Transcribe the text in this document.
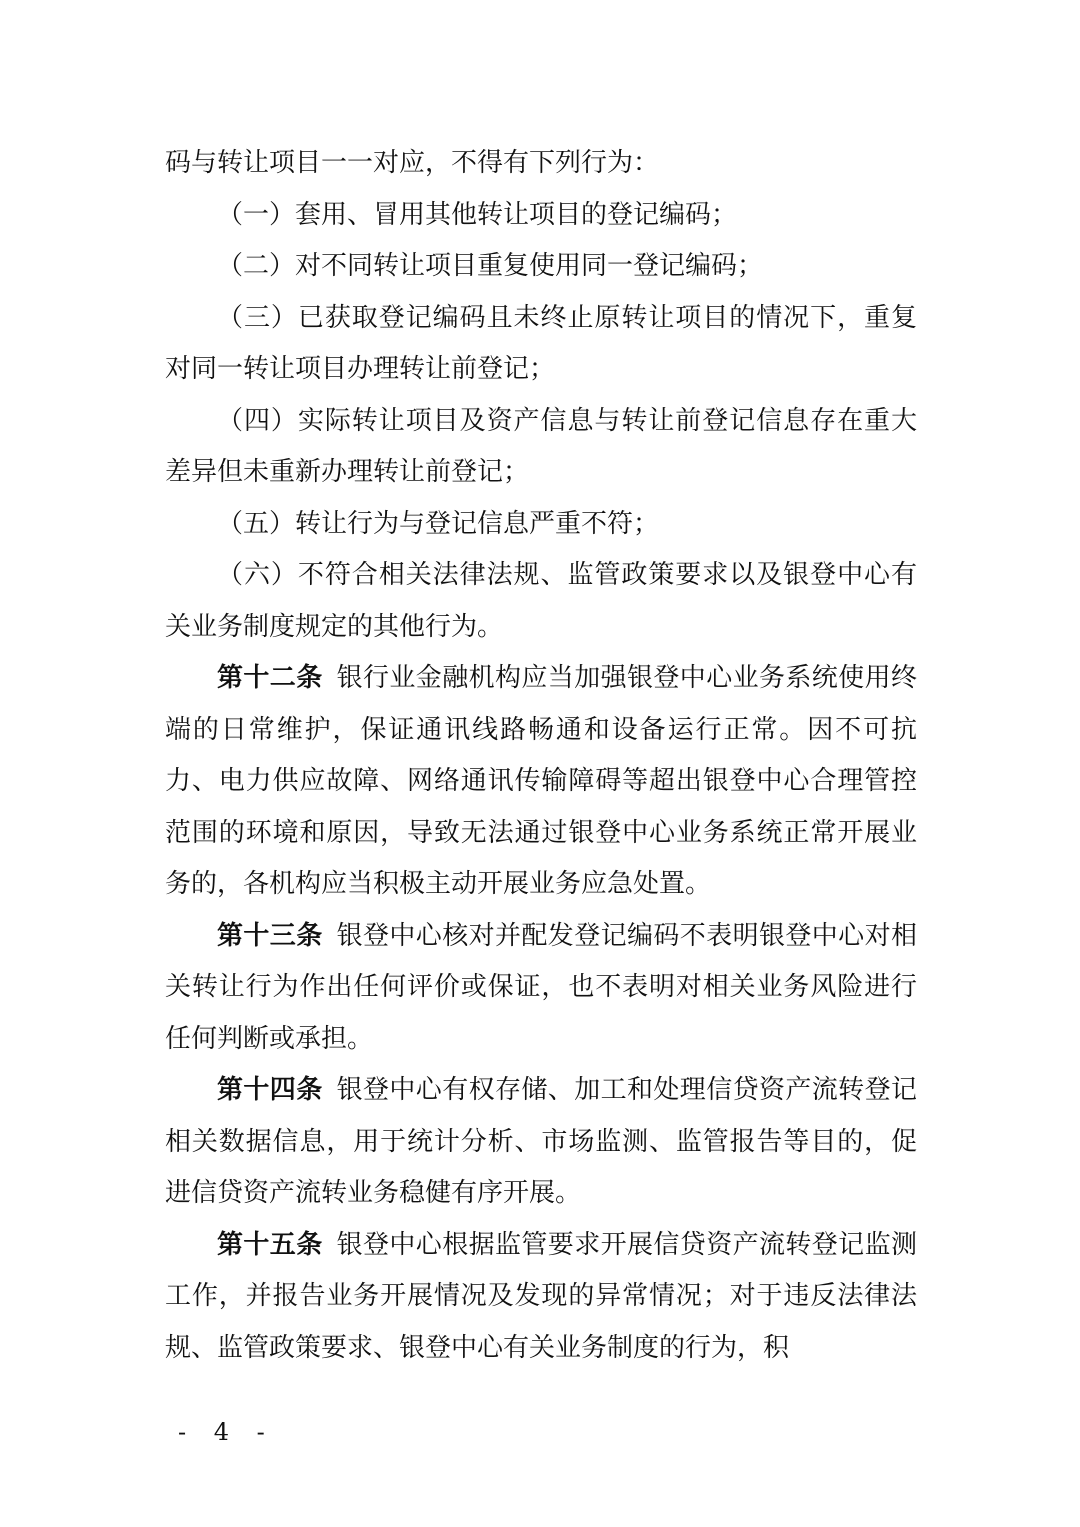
码与转让项目一一对应，不得有下列行为：

（一）套用、冒用其他转让项目的登记编码；

（二）对不同转让项目重复使用同一登记编码；

（三）已获取登记编码且未终止原转让项目的情况下，重复对同一转让项目办理转让前登记；

（四）实际转让项目及资产信息与转让前登记信息存在重大差异但未重新办理转让前登记；

（五）转让行为与登记信息严重不符；

（六）不符合相关法律法规、监管政策要求以及银登中心有关业务制度规定的其他行为。

第十二条 银行业金融机构应当加强银登中心业务系统使用终端的日常维护，保证通讯线路畅通和设备运行正常。因不可抗力、电力供应故障、网络通讯传输障碍等超出银登中心合理管控范围的环境和原因，导致无法通过银登中心业务系统正常开展业务的，各机构应当积极主动开展业务应急处置。

第十三条 银登中心核对并配发登记编码不表明银登中心对相关转让行为作出任何评价或保证，也不表明对相关业务风险进行任何判断或承担。

第十四条 银登中心有权存储、加工和处理信贷资产流转登记相关数据信息，用于统计分析、市场监测、监管报告等目的，促进信贷资产流转业务稳健有序开展。

第十五条 银登中心根据监管要求开展信贷资产流转登记监测工作，并报告业务开展情况及发现的异常情况；对于违反法律法规、监管政策要求、银登中心有关业务制度的行为，积

- 4 -
